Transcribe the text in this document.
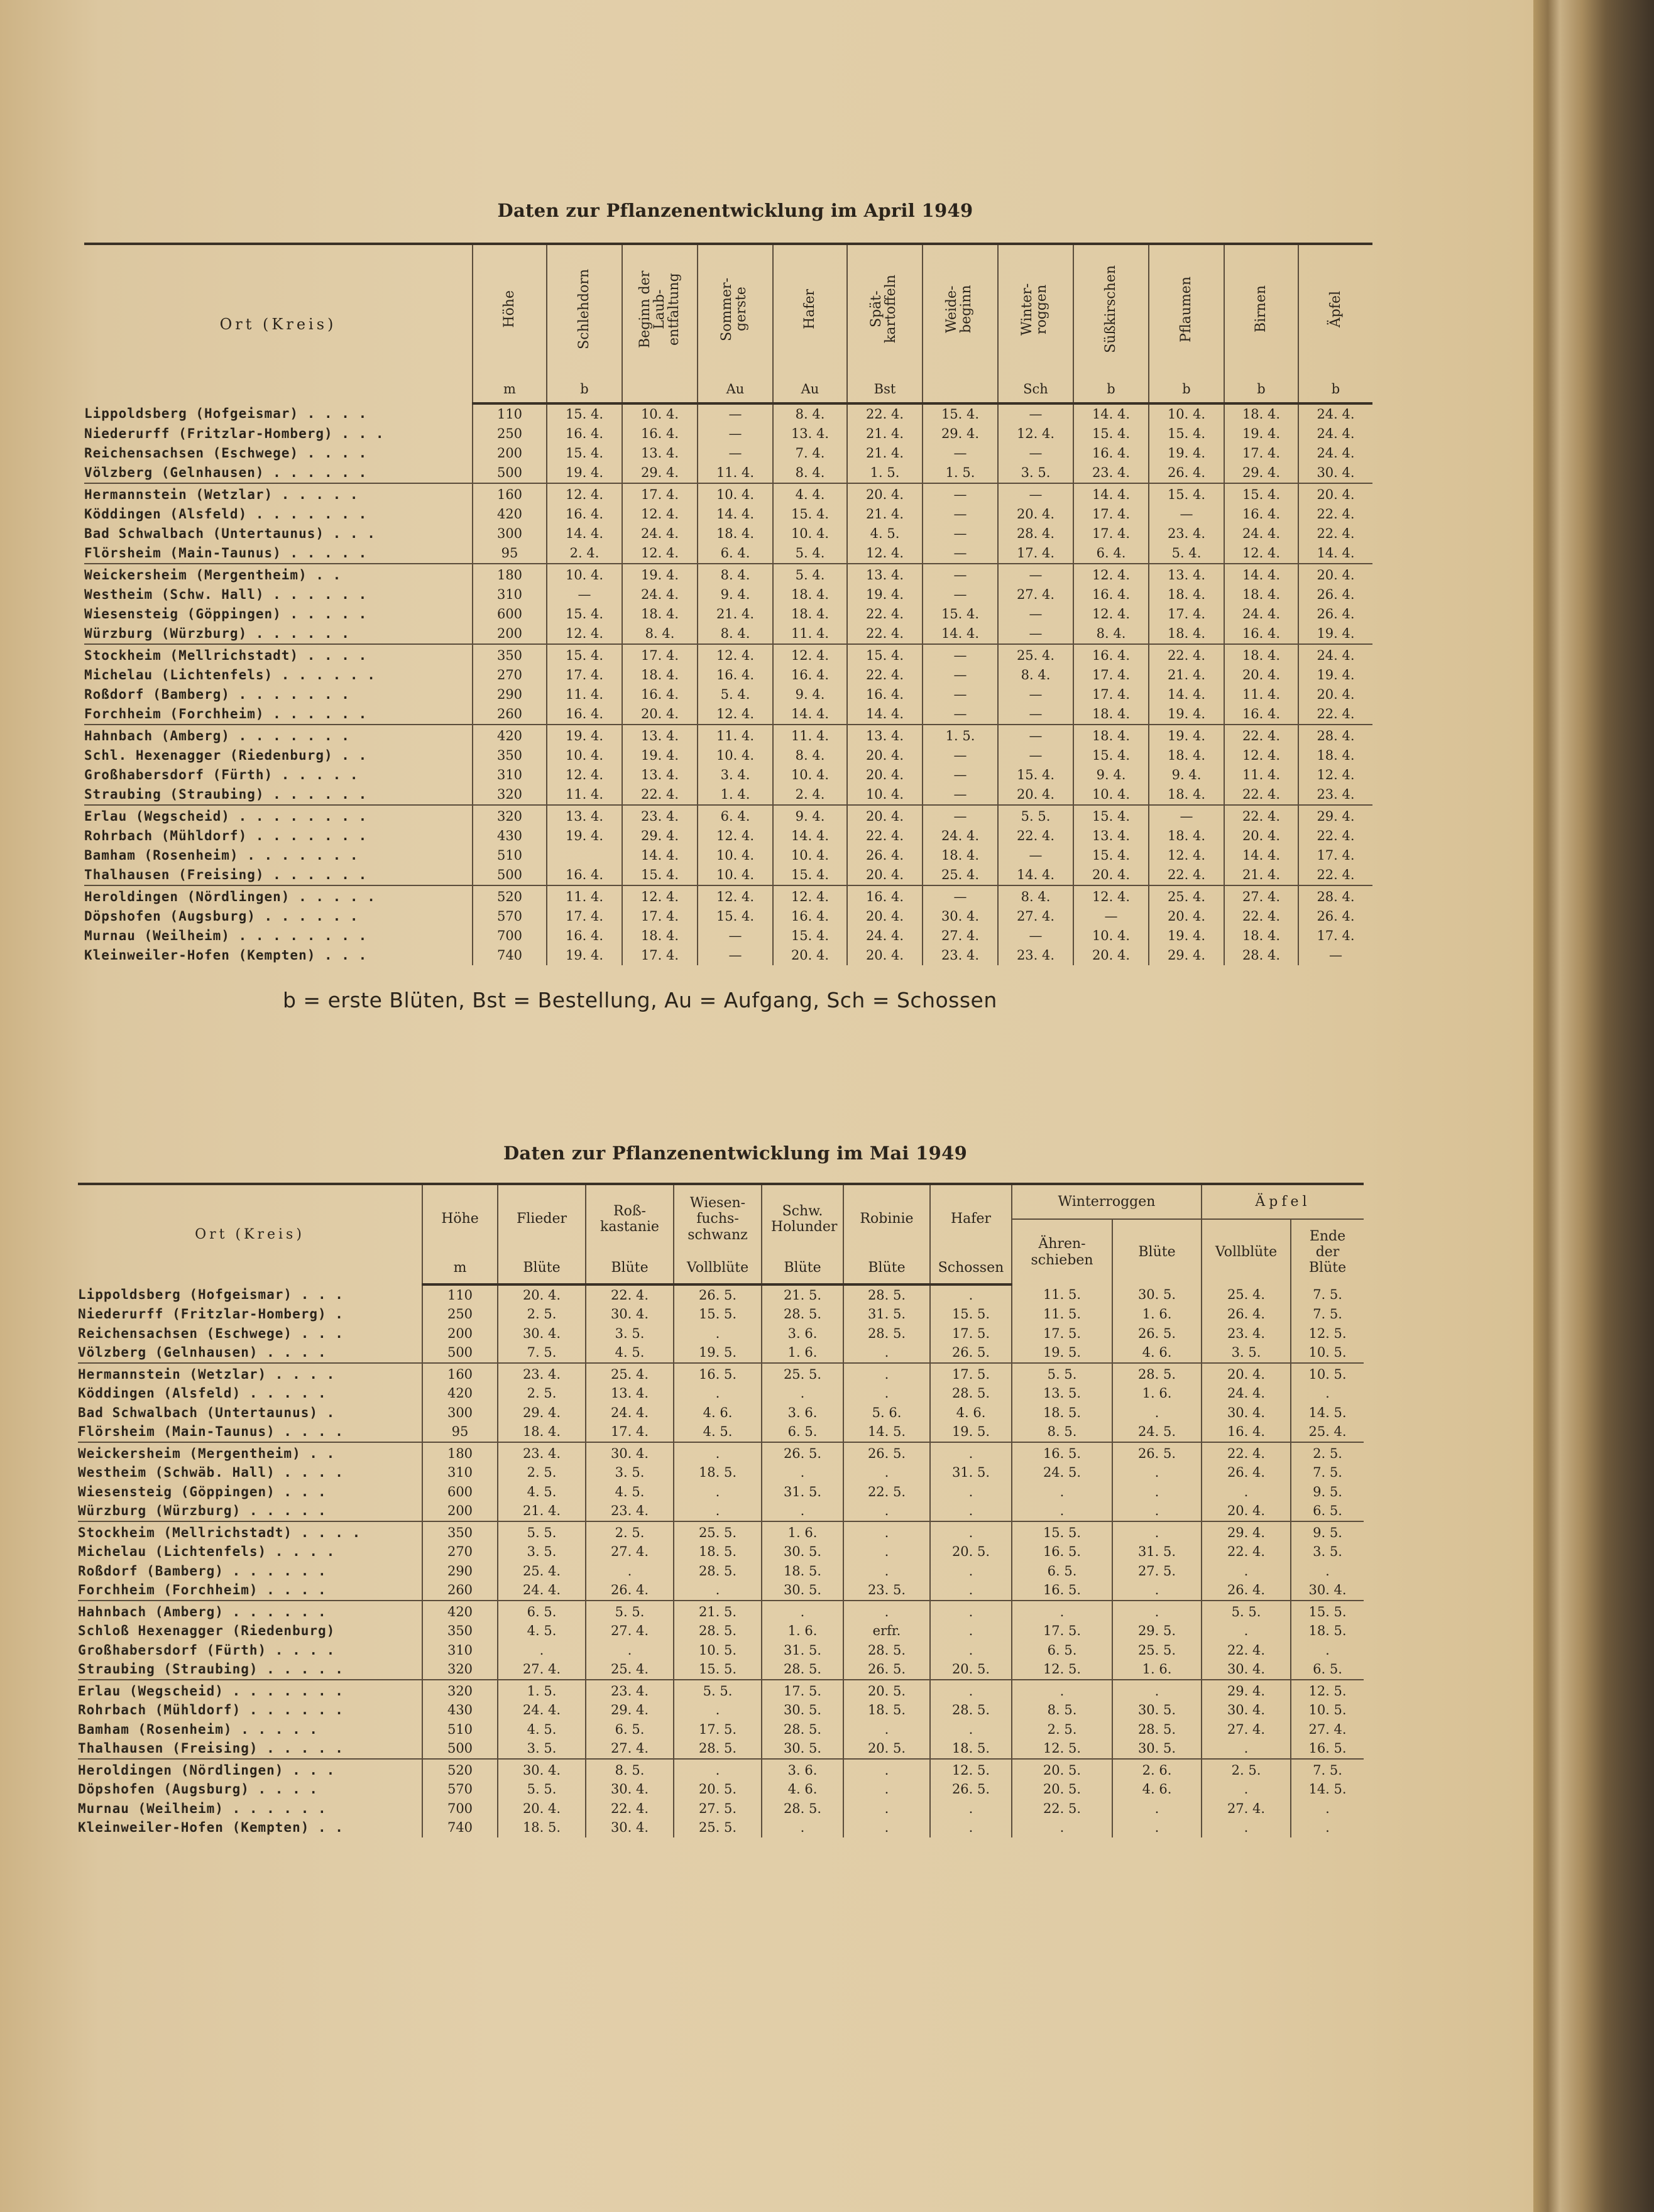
Daten zur Pflanzenentwicklung im April 1949
Ort (Kreis)	Höhe	Schlehdorn	Beginn der Laub- entfaltung	Sommer- gerste	Hafer	Spät- kartoffeln	Weide- beginn	Winter- roggen	Süßkirschen	Pflaumen	Birnen	Äpfel
	m	b		Au	Au	Bst		Sch	b	b	b	b
Lippoldsberg (Hofgeismar) . . . .	110	15. 4.	10. 4.	—	8. 4.	22. 4.	15. 4.	—	14. 4.	10. 4.	18. 4.	24. 4.
Niederurff (Fritzlar-Homberg) . . .	250	16. 4.	16. 4.	—	13. 4.	21. 4.	29. 4.	12. 4.	15. 4.	15. 4.	19. 4.	24. 4.
Reichensachsen (Eschwege) . . . .	200	15. 4.	13. 4.	—	7. 4.	21. 4.	—	—	16. 4.	19. 4.	17. 4.	24. 4.
Völzberg (Gelnhausen) . . . . . .	500	19. 4.	29. 4.	11. 4.	8. 4.	1. 5.	1. 5.	3. 5.	23. 4.	26. 4.	29. 4.	30. 4.
Hermannstein (Wetzlar) . . . . .	160	12. 4.	17. 4.	10. 4.	4. 4.	20. 4.	—	—	14. 4.	15. 4.	15. 4.	20. 4.
Köddingen (Alsfeld) . . . . . . .	420	16. 4.	12. 4.	14. 4.	15. 4.	21. 4.	—	20. 4.	17. 4.	—	16. 4.	22. 4.
Bad Schwalbach (Untertaunus) . . .	300	14. 4.	24. 4.	18. 4.	10. 4.	4. 5.	—	28. 4.	17. 4.	23. 4.	24. 4.	22. 4.
Flörsheim (Main-Taunus) . . . . .	95	2. 4.	12. 4.	6. 4.	5. 4.	12. 4.	—	17. 4.	6. 4.	5. 4.	12. 4.	14. 4.
Weickersheim (Mergentheim) . .	180	10. 4.	19. 4.	8. 4.	5. 4.	13. 4.	—	—	12. 4.	13. 4.	14. 4.	20. 4.
Westheim (Schw. Hall) . . . . . .	310	—	24. 4.	9. 4.	18. 4.	19. 4.	—	27. 4.	16. 4.	18. 4.	18. 4.	26. 4.
Wiesensteig (Göppingen) . . . . .	600	15. 4.	18. 4.	21. 4.	18. 4.	22. 4.	15. 4.	—	12. 4.	17. 4.	24. 4.	26. 4.
Würzburg (Würzburg) . . . . . .	200	12. 4.	8. 4.	8. 4.	11. 4.	22. 4.	14. 4.	—	8. 4.	18. 4.	16. 4.	19. 4.
Stockheim (Mellrichstadt) . . . .	350	15. 4.	17. 4.	12. 4.	12. 4.	15. 4.	—	25. 4.	16. 4.	22. 4.	18. 4.	24. 4.
Michelau (Lichtenfels) . . . . . .	270	17. 4.	18. 4.	16. 4.	16. 4.	22. 4.	—	8. 4.	17. 4.	21. 4.	20. 4.	19. 4.
Roßdorf (Bamberg) . . . . . . .	290	11. 4.	16. 4.	5. 4.	9. 4.	16. 4.	—	—	17. 4.	14. 4.	11. 4.	20. 4.
Forchheim (Forchheim) . . . . . .	260	16. 4.	20. 4.	12. 4.	14. 4.	14. 4.	—	—	18. 4.	19. 4.	16. 4.	22. 4.
Hahnbach (Amberg) . . . . . . .	420	19. 4.	13. 4.	11. 4.	11. 4.	13. 4.	1. 5.	—	18. 4.	19. 4.	22. 4.	28. 4.
Schl. Hexenagger (Riedenburg) . .	350	10. 4.	19. 4.	10. 4.	8. 4.	20. 4.	—	—	15. 4.	18. 4.	12. 4.	18. 4.
Großhabersdorf (Fürth) . . . . .	310	12. 4.	13. 4.	3. 4.	10. 4.	20. 4.	—	15. 4.	9. 4.	9. 4.	11. 4.	12. 4.
Straubing (Straubing) . . . . . .	320	11. 4.	22. 4.	1. 4.	2. 4.	10. 4.	—	20. 4.	10. 4.	18. 4.	22. 4.	23. 4.
Erlau (Wegscheid) . . . . . . . .	320	13. 4.	23. 4.	6. 4.	9. 4.	20. 4.	—	5. 5.	15. 4.	—	22. 4.	29. 4.
Rohrbach (Mühldorf) . . . . . . .	430	19. 4.	29. 4.	12. 4.	14. 4.	22. 4.	24. 4.	22. 4.	13. 4.	18. 4.	20. 4.	22. 4.
Bamham (Rosenheim) . . . . . . .	510		14. 4.	10. 4.	10. 4.	26. 4.	18. 4.	—	15. 4.	12. 4.	14. 4.	17. 4.
Thalhausen (Freising) . . . . . .	500	16. 4.	15. 4.	10. 4.	15. 4.	20. 4.	25. 4.	14. 4.	20. 4.	22. 4.	21. 4.	22. 4.
Heroldingen (Nördlingen) . . . . .	520	11. 4.	12. 4.	12. 4.	12. 4.	16. 4.	—	8. 4.	12. 4.	25. 4.	27. 4.	28. 4.
Döpshofen (Augsburg) . . . . . .	570	17. 4.	17. 4.	15. 4.	16. 4.	20. 4.	30. 4.	27. 4.	—	20. 4.	22. 4.	26. 4.
Murnau (Weilheim) . . . . . . . .	700	16. 4.	18. 4.	—	15. 4.	24. 4.	27. 4.	—	10. 4.	19. 4.	18. 4.	17. 4.
Kleinweiler-Hofen (Kempten) . . .	740	19. 4.	17. 4.	—	20. 4.	20. 4.	23. 4.	23. 4.	20. 4.	29. 4.	28. 4.	—
b = erste Blüten, Bst = Bestellung, Au = Aufgang, Sch = Schossen
Daten zur Pflanzenentwicklung im Mai 1949
Ort (Kreis)	Höhe	Flieder	Roß- kastanie	Wiesen- fuchs- schwanz	Schw. Holunder	Robinie	Hafer	Winterroggen		Äpfel	
								Ähren- schieben	Blüte	Vollblüte	Ende der Blüte
	m	Blüte	Blüte	Vollblüte	Blüte	Blüte	Schossen				
Lippoldsberg (Hofgeismar) . . .	110	20. 4.	22. 4.	26. 5.	21. 5.	28. 5.	.	11. 5.	30. 5.	25. 4.	7. 5.
Niederurff (Fritzlar-Homberg) .	250	2. 5.	30. 4.	15. 5.	28. 5.	31. 5.	15. 5.	11. 5.	1. 6.	26. 4.	7. 5.
Reichensachsen (Eschwege) . . .	200	30. 4.	3. 5.	.	3. 6.	28. 5.	17. 5.	17. 5.	26. 5.	23. 4.	12. 5.
Völzberg (Gelnhausen) . . . .	500	7. 5.	4. 5.	19. 5.	1. 6.	.	26. 5.	19. 5.	4. 6.	3. 5.	10. 5.
Hermannstein (Wetzlar) . . . .	160	23. 4.	25. 4.	16. 5.	25. 5.	.	17. 5.	5. 5.	28. 5.	20. 4.	10. 5.
Köddingen (Alsfeld) . . . . .	420	2. 5.	13. 4.	.	.	.	28. 5.	13. 5.	1. 6.	24. 4.	.
Bad Schwalbach (Untertaunus) .	300	29. 4.	24. 4.	4. 6.	3. 6.	5. 6.	4. 6.	18. 5.	.	30. 4.	14. 5.
Flörsheim (Main-Taunus) . . . .	95	18. 4.	17. 4.	4. 5.	6. 5.	14. 5.	19. 5.	8. 5.	24. 5.	16. 4.	25. 4.
Weickersheim (Mergentheim) . .	180	23. 4.	30. 4.	.	26. 5.	26. 5.	.	16. 5.	26. 5.	22. 4.	2. 5.
Westheim (Schwäb. Hall) . . . .	310	2. 5.	3. 5.	18. 5.	.	.	31. 5.	24. 5.	.	26. 4.	7. 5.
Wiesensteig (Göppingen) . . .	600	4. 5.	4. 5.	.	31. 5.	22. 5.	.	.	.	.	9. 5.
Würzburg (Würzburg) . . . . .	200	21. 4.	23. 4.	.	.	.	.	.	.	20. 4.	6. 5.
Stockheim (Mellrichstadt) . . . .	350	5. 5.	2. 5.	25. 5.	1. 6.	.	.	15. 5.	.	29. 4.	9. 5.
Michelau (Lichtenfels) . . . .	270	3. 5.	27. 4.	18. 5.	30. 5.	.	20. 5.	16. 5.	31. 5.	22. 4.	3. 5.
Roßdorf (Bamberg) . . . . . .	290	25. 4.	.	28. 5.	18. 5.	.	.	6. 5.	27. 5.	.	.
Forchheim (Forchheim) . . . .	260	24. 4.	26. 4.	.	30. 5.	23. 5.	.	16. 5.	.	26. 4.	30. 4.
Hahnbach (Amberg) . . . . . .	420	6. 5.	5. 5.	21. 5.	.	.	.	.	.	5. 5.	15. 5.
Schloß Hexenagger (Riedenburg)	350	4. 5.	27. 4.	28. 5.	1. 6.	erfr.	.	17. 5.	29. 5.	.	18. 5.
Großhabersdorf (Fürth) . . . .	310	.	.	10. 5.	31. 5.	28. 5.	.	6. 5.	25. 5.	22. 4.	.
Straubing (Straubing) . . . . .	320	27. 4.	25. 4.	15. 5.	28. 5.	26. 5.	20. 5.	12. 5.	1. 6.	30. 4.	6. 5.
Erlau (Wegscheid) . . . . . . .	320	1. 5.	23. 4.	5. 5.	17. 5.	20. 5.	.	.	.	29. 4.	12. 5.
Rohrbach (Mühldorf) . . . . . .	430	24. 4.	29. 4.	.	30. 5.	18. 5.	28. 5.	8. 5.	30. 5.	30. 4.	10. 5.
Bamham (Rosenheim) . . . . .	510	4. 5.	6. 5.	17. 5.	28. 5.	.	.	2. 5.	28. 5.	27. 4.	27. 4.
Thalhausen (Freising) . . . . .	500	3. 5.	27. 4.	28. 5.	30. 5.	20. 5.	18. 5.	12. 5.	30. 5.	.	16. 5.
Heroldingen (Nördlingen) . . .	520	30. 4.	8. 5.	.	3. 6.	.	12. 5.	20. 5.	2. 6.	2. 5.	7. 5.
Döpshofen (Augsburg) . . . .	570	5. 5.	30. 4.	20. 5.	4. 6.	.	26. 5.	20. 5.	4. 6.	.	14. 5.
Murnau (Weilheim) . . . . . .	700	20. 4.	22. 4.	27. 5.	28. 5.	.	.	22. 5.	.	27. 4.	.
Kleinweiler-Hofen (Kempten) . .	740	18. 5.	30. 4.	25. 5.	.	.	.	.	.	.	.
